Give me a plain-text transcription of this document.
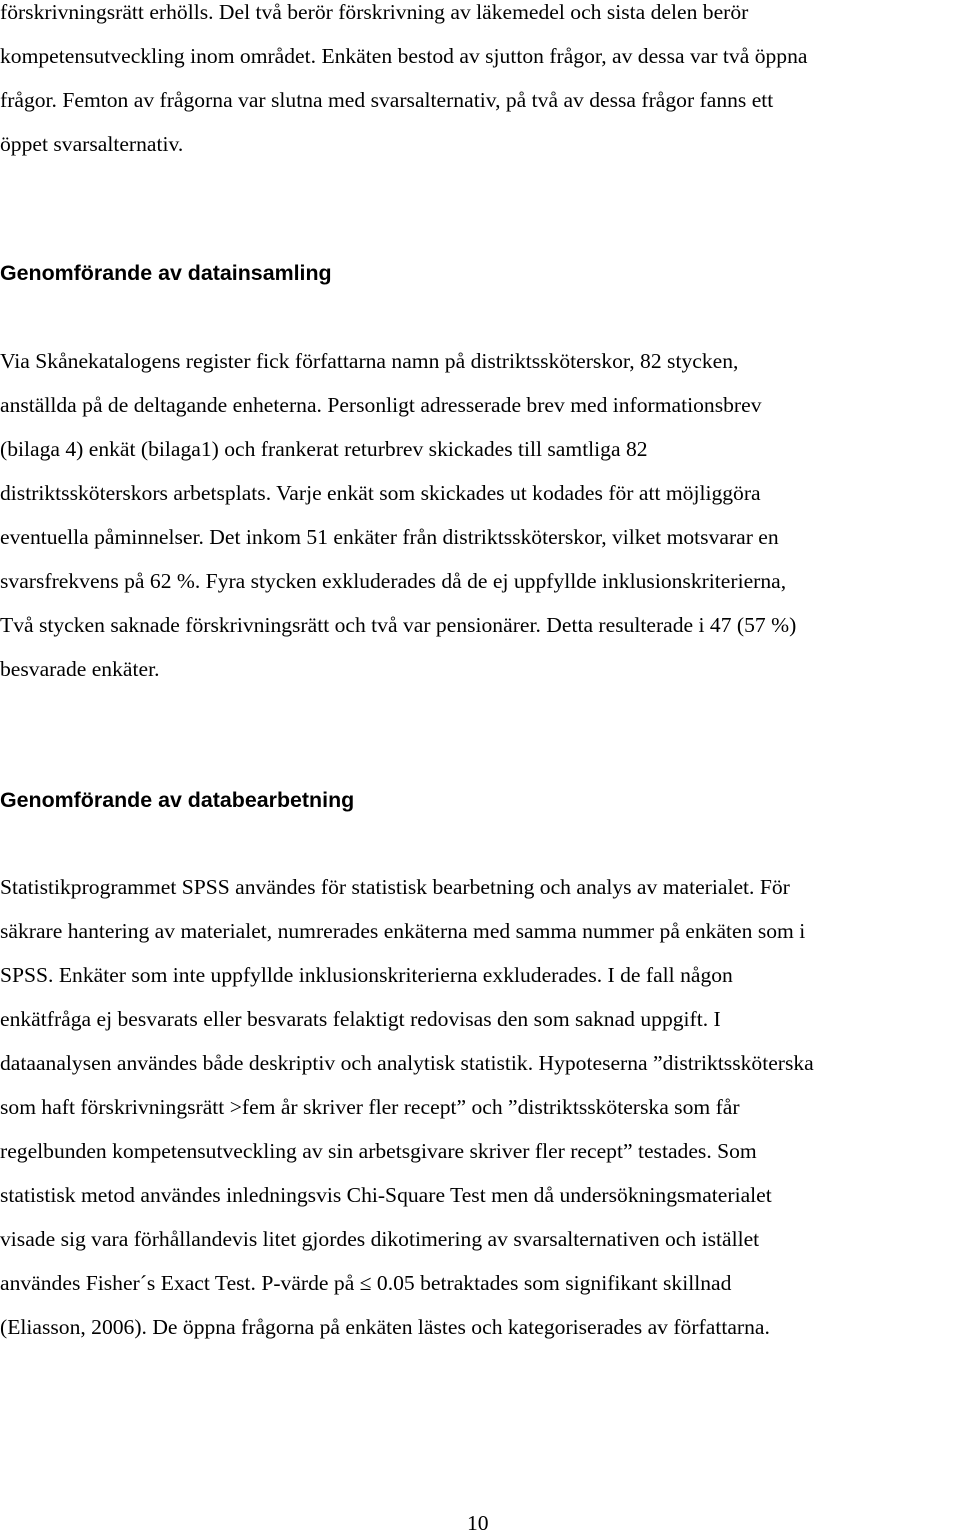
förskrivningsrätt erhölls. Del två berör förskrivning av läkemedel och sista delen berör
kompetensutveckling inom området. Enkäten bestod av sjutton frågor, av dessa var två öppna
frågor. Femton av frågorna var slutna med svarsalternativ, på två av dessa frågor fanns ett
öppet svarsalternativ.
Genomförande av datainsamling
Via Skånekatalogens register fick författarna namn på distriktssköterskor, 82 stycken,
anställda på de deltagande enheterna. Personligt adresserade brev med informationsbrev
(bilaga 4) enkät (bilaga1) och frankerat returbrev skickades till samtliga 82
distriktssköterskors arbetsplats. Varje enkät som skickades ut kodades för att möjliggöra
eventuella påminnelser. Det inkom 51 enkäter från distriktssköterskor, vilket motsvarar en
svarsfrekvens på 62 %. Fyra stycken exkluderades då de ej uppfyllde inklusionskriterierna,
Två stycken saknade förskrivningsrätt och två var pensionärer. Detta resulterade i 47 (57 %)
besvarade enkäter.
Genomförande av databearbetning
Statistikprogrammet SPSS användes för statistisk bearbetning och analys av materialet. För
säkrare hantering av materialet, numrerades enkäterna med samma nummer på enkäten som i
SPSS. Enkäter som inte uppfyllde inklusionskriterierna exkluderades. I de fall någon
enkätfråga ej besvarats eller besvarats felaktigt redovisas den som saknad uppgift. I
dataanalysen användes både deskriptiv och analytisk statistik. Hypoteserna ”distriktssköterska
som haft förskrivningsrätt >fem år skriver fler recept” och ”distriktssköterska som får
regelbunden kompetensutveckling av sin arbetsgivare skriver fler recept” testades. Som
statistisk metod användes inledningsvis Chi-Square Test men då undersökningsmaterialet
visade sig vara förhållandevis litet gjordes dikotimering av svarsalternativen och istället
användes Fisher´s Exact Test. P-värde på ≤ 0.05 betraktades som signifikant skillnad
(Eliasson, 2006). De öppna frågorna på enkäten lästes och kategoriserades av författarna.
10
